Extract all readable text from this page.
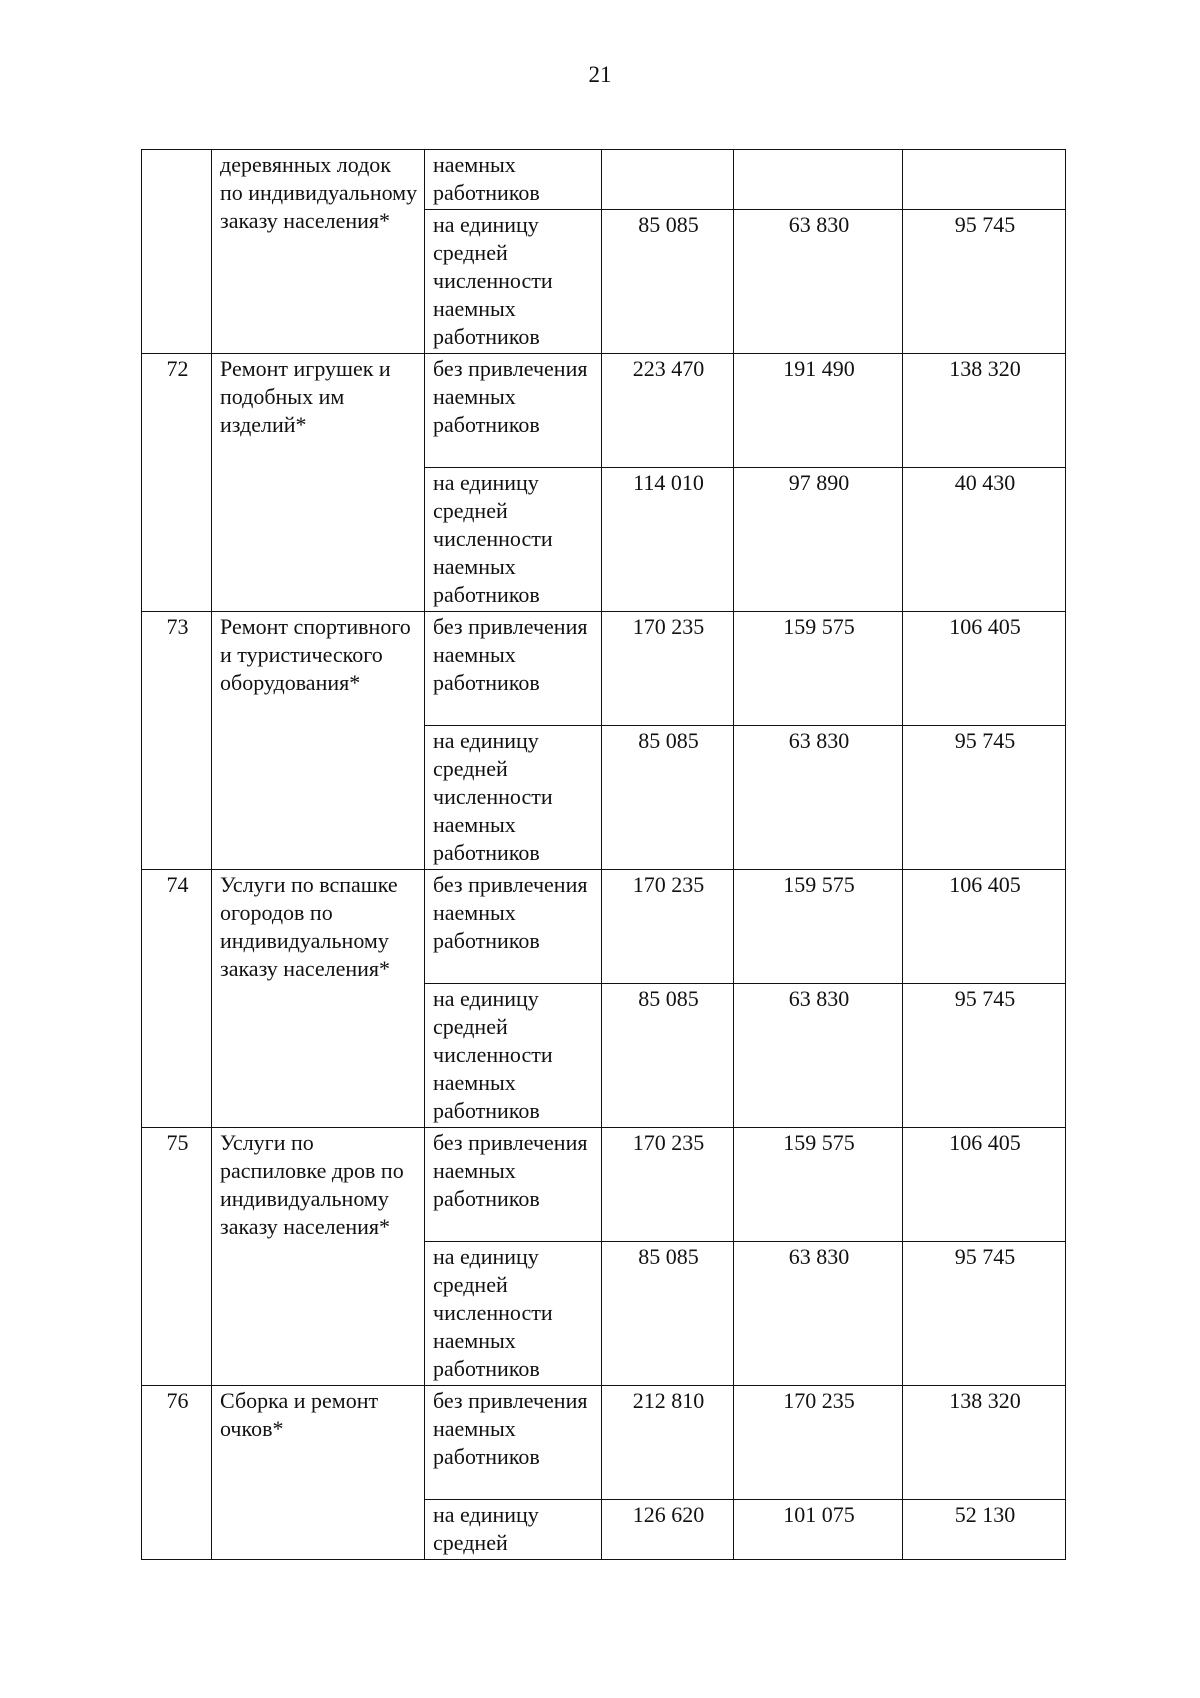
21
	деревянных лодок по индивидуальному заказу населения*	наемных работников			
		на единицу средней численности наемных работников	85 085	63 830	95 745
72	Ремонт игрушек и подобных им изделий*	без привлечения наемных работников	223 470	191 490	138 320
		на единицу средней численности наемных работников	114 010	97 890	40 430
73	Ремонт спортивного и туристического оборудования*	без привлечения наемных работников	170 235	159 575	106 405
		на единицу средней численности наемных работников	85 085	63 830	95 745
74	Услуги по вспашке огородов по индивидуальному заказу населения*	без привлечения наемных работников	170 235	159 575	106 405
		на единицу средней численности наемных работников	85 085	63 830	95 745
75	Услуги по распиловке дров по индивидуальному заказу населения*	без привлечения наемных работников	170 235	159 575	106 405
		на единицу средней численности наемных работников	85 085	63 830	95 745
76	Сборка и ремонт очков*	без привлечения наемных работников	212 810	170 235	138 320
		на единицу средней	126 620	101 075	52 130
